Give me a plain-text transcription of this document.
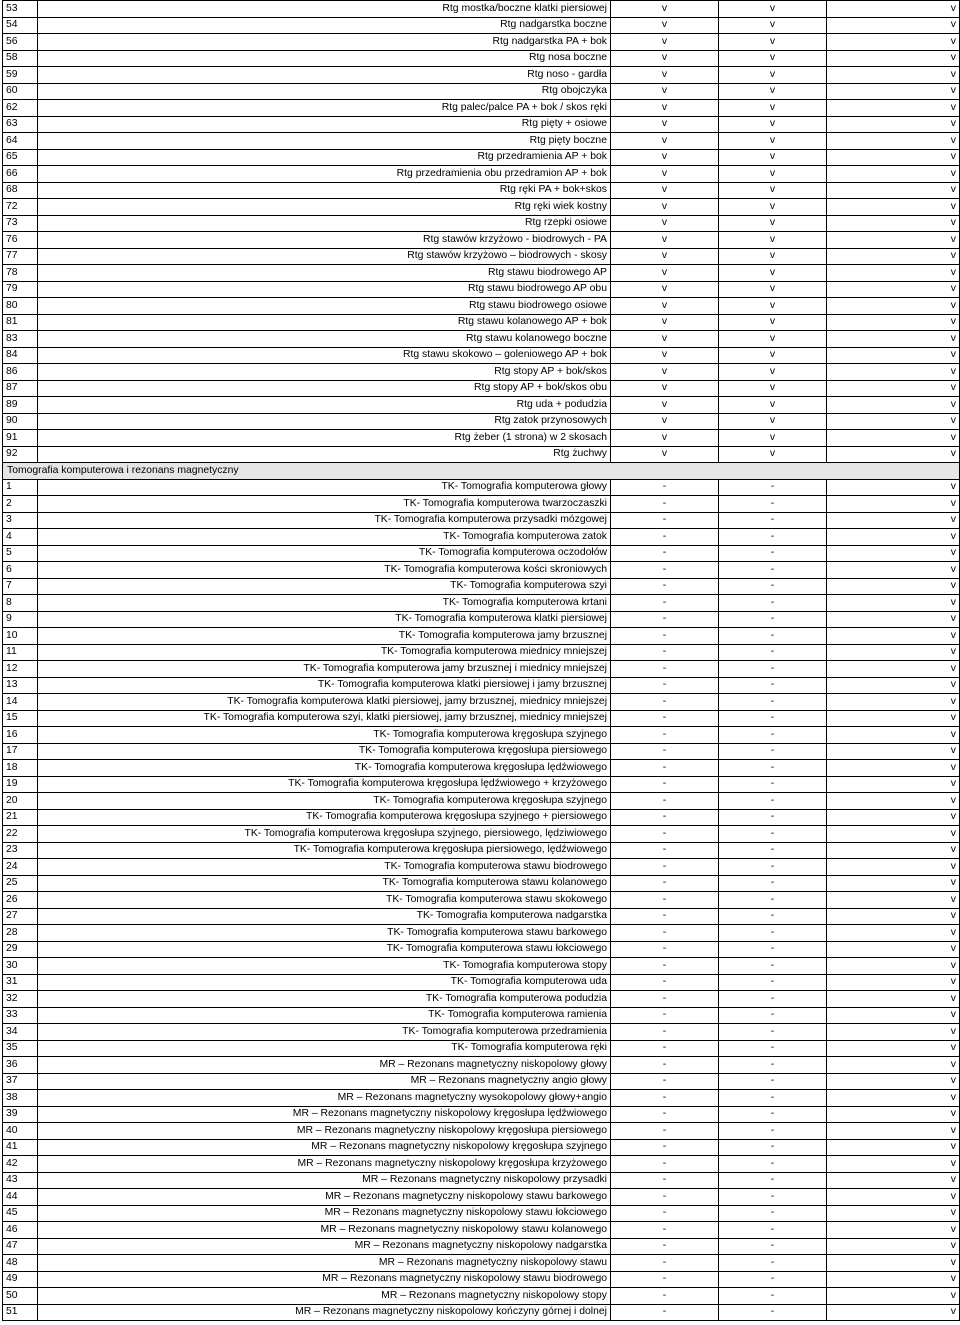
53	Rtg mostka/boczne klatki piersiowej	v	v	v
54	Rtg nadgarstka boczne	v	v	v
56	Rtg nadgarstka PA + bok	v	v	v
58	Rtg nosa boczne	v	v	v
59	Rtg noso - gardła	v	v	v
60	Rtg obojczyka	v	v	v
62	Rtg palec/palce PA + bok / skos ręki	v	v	v
63	Rtg pięty + osiowe	v	v	v
64	Rtg pięty boczne	v	v	v
65	Rtg przedramienia AP + bok	v	v	v
66	Rtg przedramienia obu przedramion AP + bok	v	v	v
68	Rtg ręki PA + bok+skos	v	v	v
72	Rtg ręki wiek kostny	v	v	v
73	Rtg rzepki osiowe	v	v	v
76	Rtg stawów krzyżowo - biodrowych - PA	v	v	v
77	Rtg stawów krzyżowo – biodrowych - skosy	v	v	v
78	Rtg stawu biodrowego AP	v	v	v
79	Rtg stawu biodrowego AP obu	v	v	v
80	Rtg stawu biodrowego osiowe	v	v	v
81	Rtg stawu kolanowego AP + bok	v	v	v
83	Rtg stawu kolanowego boczne	v	v	v
84	Rtg stawu skokowo – goleniowego AP + bok	v	v	v
86	Rtg stopy AP + bok/skos	v	v	v
87	Rtg stopy AP + bok/skos obu	v	v	v
89	Rtg uda + podudzia	v	v	v
90	Rtg zatok przynosowych	v	v	v
91	Rtg żeber (1 strona) w 2 skosach	v	v	v
92	Rtg żuchwy	v	v	v
Tomografia komputerowa i rezonans magnetyczny				
1	TK- Tomografia komputerowa głowy	-	-	v
2	TK- Tomografia komputerowa twarzoczaszki	-	-	v
3	TK- Tomografia komputerowa przysadki mózgowej	-	-	v
4	TK- Tomografia komputerowa zatok	-	-	v
5	TK- Tomografia komputerowa oczodołów	-	-	v
6	TK- Tomografia komputerowa kości skroniowych	-	-	v
7	TK- Tomografia komputerowa szyi	-	-	v
8	TK- Tomografia komputerowa krtani	-	-	v
9	TK- Tomografia komputerowa klatki piersiowej	-	-	v
10	TK- Tomografia komputerowa jamy brzusznej	-	-	v
11	TK- Tomografia komputerowa miednicy mniejszej	-	-	v
12	TK- Tomografia komputerowa jamy brzusznej i miednicy mniejszej	-	-	v
13	TK- Tomografia komputerowa klatki piersiowej i jamy brzusznej	-	-	v
14	TK- Tomografia komputerowa klatki piersiowej, jamy brzusznej, miednicy mniejszej	-	-	v
15	TK- Tomografia komputerowa szyi, klatki piersiowej, jamy brzusznej, miednicy mniejszej	-	-	v
16	TK- Tomografia komputerowa kręgosłupa szyjnego	-	-	v
17	TK- Tomografia komputerowa kręgosłupa piersiowego	-	-	v
18	TK- Tomografia komputerowa kręgosłupa lędźwiowego	-	-	v
19	TK- Tomografia komputerowa kręgosłupa lędźwiowego + krzyżowego	-	-	v
20	TK- Tomografia komputerowa kręgosłupa szyjnego	-	-	v
21	TK- Tomografia komputerowa kręgosłupa szyjnego + piersiowego	-	-	v
22	TK- Tomografia komputerowa kręgosłupa szyjnego, piersiowego, lędziwiowego	-	-	v
23	TK- Tomografia komputerowa kręgosłupa piersiowego, lędźwiowego	-	-	v
24	TK- Tomografia komputerowa stawu biodrowego	-	-	v
25	TK- Tomografia komputerowa stawu kolanowego	-	-	v
26	TK- Tomografia komputerowa stawu skokowego	-	-	v
27	TK- Tomografia komputerowa nadgarstka	-	-	v
28	TK- Tomografia komputerowa stawu barkowego	-	-	v
29	TK- Tomografia komputerowa stawu łokciowego	-	-	v
30	TK- Tomografia komputerowa stopy	-	-	v
31	TK- Tomografia komputerowa uda	-	-	v
32	TK- Tomografia komputerowa podudzia	-	-	v
33	TK- Tomografia komputerowa ramienia	-	-	v
34	TK- Tomografia komputerowa przedramienia	-	-	v
35	TK- Tomografia komputerowa ręki	-	-	v
36	MR – Rezonans magnetyczny niskopolowy głowy	-	-	v
37	MR – Rezonans magnetyczny angio głowy	-	-	v
38	MR – Rezonans magnetyczny wysokopolowy głowy+angio	-	-	v
39	MR – Rezonans magnetyczny niskopolowy kręgosłupa lędźwiowego	-	-	v
40	MR – Rezonans magnetyczny niskopolowy kręgosłupa piersiowego	-	-	v
41	MR – Rezonans magnetyczny niskopolowy kręgosłupa szyjnego	-	-	v
42	MR – Rezonans magnetyczny niskopolowy kręgosłupa krzyżowego	-	-	v
43	MR – Rezonans magnetyczny niskopolowy przysadki	-	-	v
44	MR – Rezonans magnetyczny niskopolowy stawu barkowego	-	-	v
45	MR – Rezonans magnetyczny niskopolowy stawu łokciowego	-	-	v
46	MR – Rezonans magnetyczny niskopolowy stawu kolanowego	-	-	v
47	MR – Rezonans magnetyczny niskopolowy nadgarstka	-	-	v
48	MR – Rezonans magnetyczny niskopolowy stawu	-	-	v
49	MR – Rezonans magnetyczny niskopolowy stawu biodrowego	-	-	v
50	MR – Rezonans magnetyczny niskopolowy stopy	-	-	v
51	MR – Rezonans magnetyczny niskopolowy kończyny górnej i dolnej	-	-	v
